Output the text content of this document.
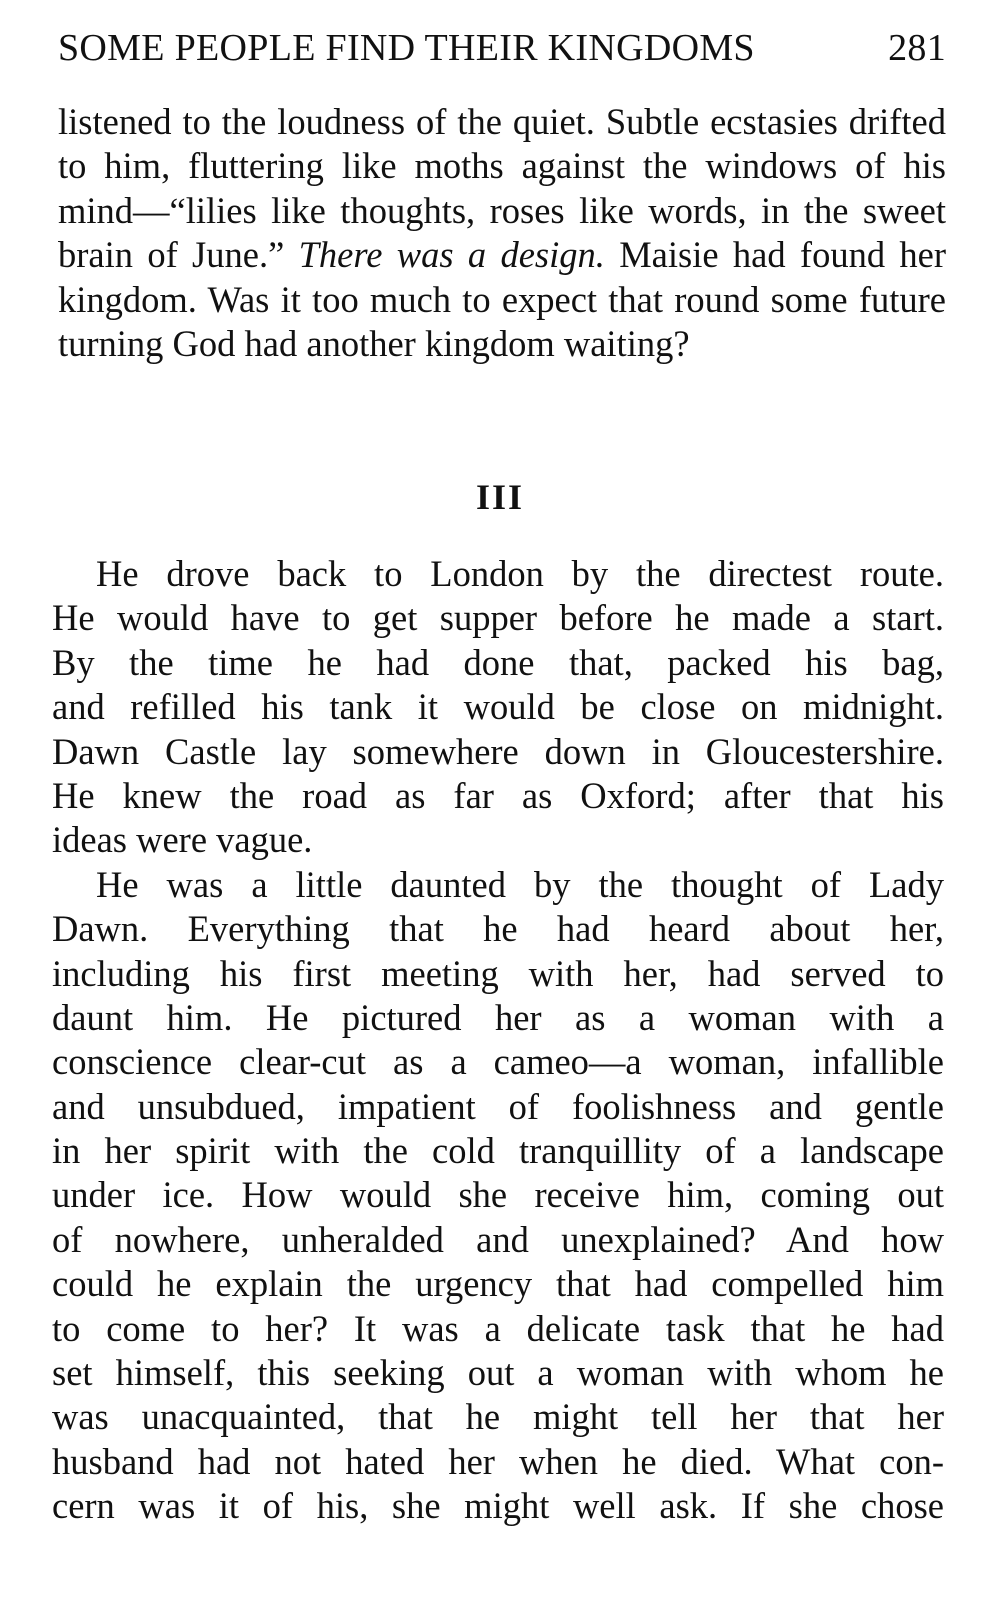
SOME PEOPLE FIND THEIR KINGDOMS	281

listened to the loudness of the quiet. Subtle ecstasies drifted to him, fluttering like moths against the windows of his mind—“lilies like thoughts, roses like words, in the sweet brain of June.” There was a design. Maisie had found her kingdom. Was it too much to expect that round some future turning God had another kingdom waiting?

III
He drove back to London by the directest route.
He would have to get supper before he made a start.
By the time he had done that, packed his bag,
and refilled his tank it would be close on midnight.
Dawn Castle lay somewhere down in Gloucestershire.
He knew the road as far as Oxford; after that his
ideas were vague.
He was a little daunted by the thought of Lady
Dawn. Everything that he had heard about her,
including his first meeting with her, had served to
daunt him. He pictured her as a woman with a
conscience clear-cut as a cameo—a woman, infallible
and unsubdued, impatient of foolishness and gentle
in her spirit with the cold tranquillity of a landscape
under ice. How would she receive him, coming out
of nowhere, unheralded and unexplained? And how
could he explain the urgency that had compelled him
to come to her? It was a delicate task that he had
set himself, this seeking out a woman with whom he
was unacquainted, that he might tell her that her
husband had not hated her when he died. What con-
cern was it of his, she might well ask. If she chose
